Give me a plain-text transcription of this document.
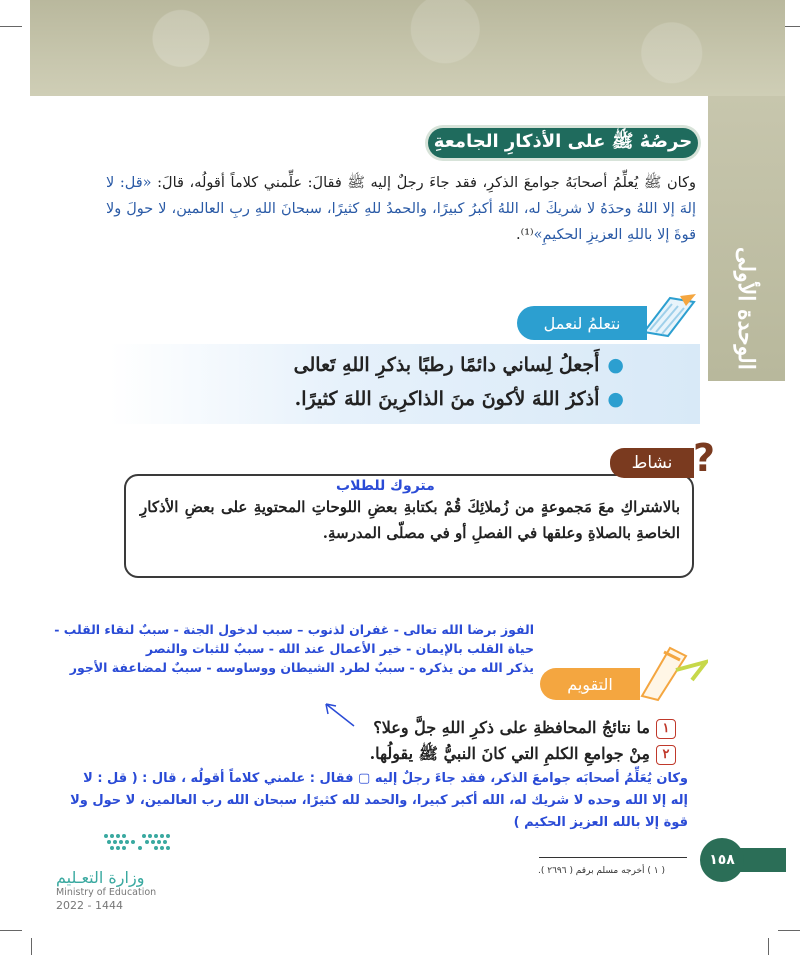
الوحدة الأولى
حرصُهُ ﷺ على الأذكارِ الجامعةِ
وكان ﷺ يُعلِّمُ أصحابَهُ جوامعَ الذكرِ، فقد جاءَ رجلٌ إليه ﷺ فقالَ: علِّمني كلاماً أقولُه، قالَ: «قل: لا إلهَ إلا اللهُ وحدَهُ لا شريكَ له، اللهُ أكبرُ كبيرًا، والحمدُ للهِ كثيرًا، سبحانَ اللهِ ربِ العالمين، لا حولَ ولا قوةَ إلا باللهِ العزيزِ الحكيمِ»⁽¹⁾.
نتعلمُ لنعمل
●أَجعلُ لِساني دائمًا رطبًا بذكرِ اللهِ تَعالى
●أذكرُ اللهَ لأكونَ منَ الذاكرِينَ اللهَ كثيرًا.
نشاط ?
متروك للطلاب
بالاشتراكِ معَ مَجموعةٍ من زُملائِكَ قُمْ بكتابةِ بعضِ اللوحاتِ المحتويةِ على بعضِ الأذكارِ الخاصةِ بالصلاةِ وعلقها في الفصلِ أو في مصلّى المدرسةِ.
الفوز برضا الله تعالى - غفران لذنوب – سبب لدخول الجنة - سببٌ لنقاء القلب -
حياة القلب بالإيمان - خير الأعمال عند الله - سببٌ للثبات والنصر
يذكر الله من يذكره - سببٌ لطرد الشيطان ووساوسه - سببٌ لمضاعفة الأجور
التقويم
١ما نتائجُ المحافظةِ على ذكرِ اللهِ جلَّ وعلا؟
٢مِنْ جوامعِ الكلمِ التي كانَ النبيُّ ﷺ يقولُها.
وكان يُعَلِّمُ أصحابَه جوامعَ الذكر، فقد جاءَ رجلٌ إليه ▢ فقال : علمني كلاماً أقولُه ، قال : ( قل : لا
إله إلا الله وحده لا شريك له، الله أكبر كبيرا، والحمد لله كثيرًا، سبحان الله رب العالمين، لا حول ولا
قوة إلا بالله العزيز الحكيم )
( ١ ) أخرجه مسلم برقم ( ٢٦٩٦ ).
١٥٨
وزارة التعـليم
Ministry of Education
2022 - 1444
